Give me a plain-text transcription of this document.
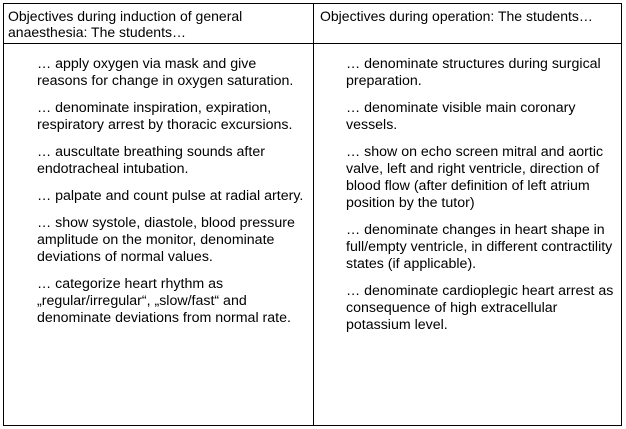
Objectives during induction of general anaesthesia: The students…
Objectives during operation: The students…

… apply oxygen via mask and give reasons for change in oxygen saturation.

… denominate inspiration, expiration, respiratory arrest by thoracic excursions.

… auscultate breathing sounds after endotracheal intubation.

… palpate and count pulse at radial artery.

… show systole, diastole, blood pressure amplitude on the monitor, denominate deviations of normal values.

… categorize heart rhythm as „regular/irregular“, „slow/fast“ and denominate deviations from normal rate.

… denominate structures during surgical preparation.

… denominate visible main coronary vessels.

… show on echo screen mitral and aortic valve, left and right ventricle, direction of blood flow (after definition of left atrium position by the tutor)

… denominate changes in heart shape in full/empty ventricle, in different contractility states (if applicable).

… denominate cardioplegic heart arrest as consequence of high extracellular potassium level.
